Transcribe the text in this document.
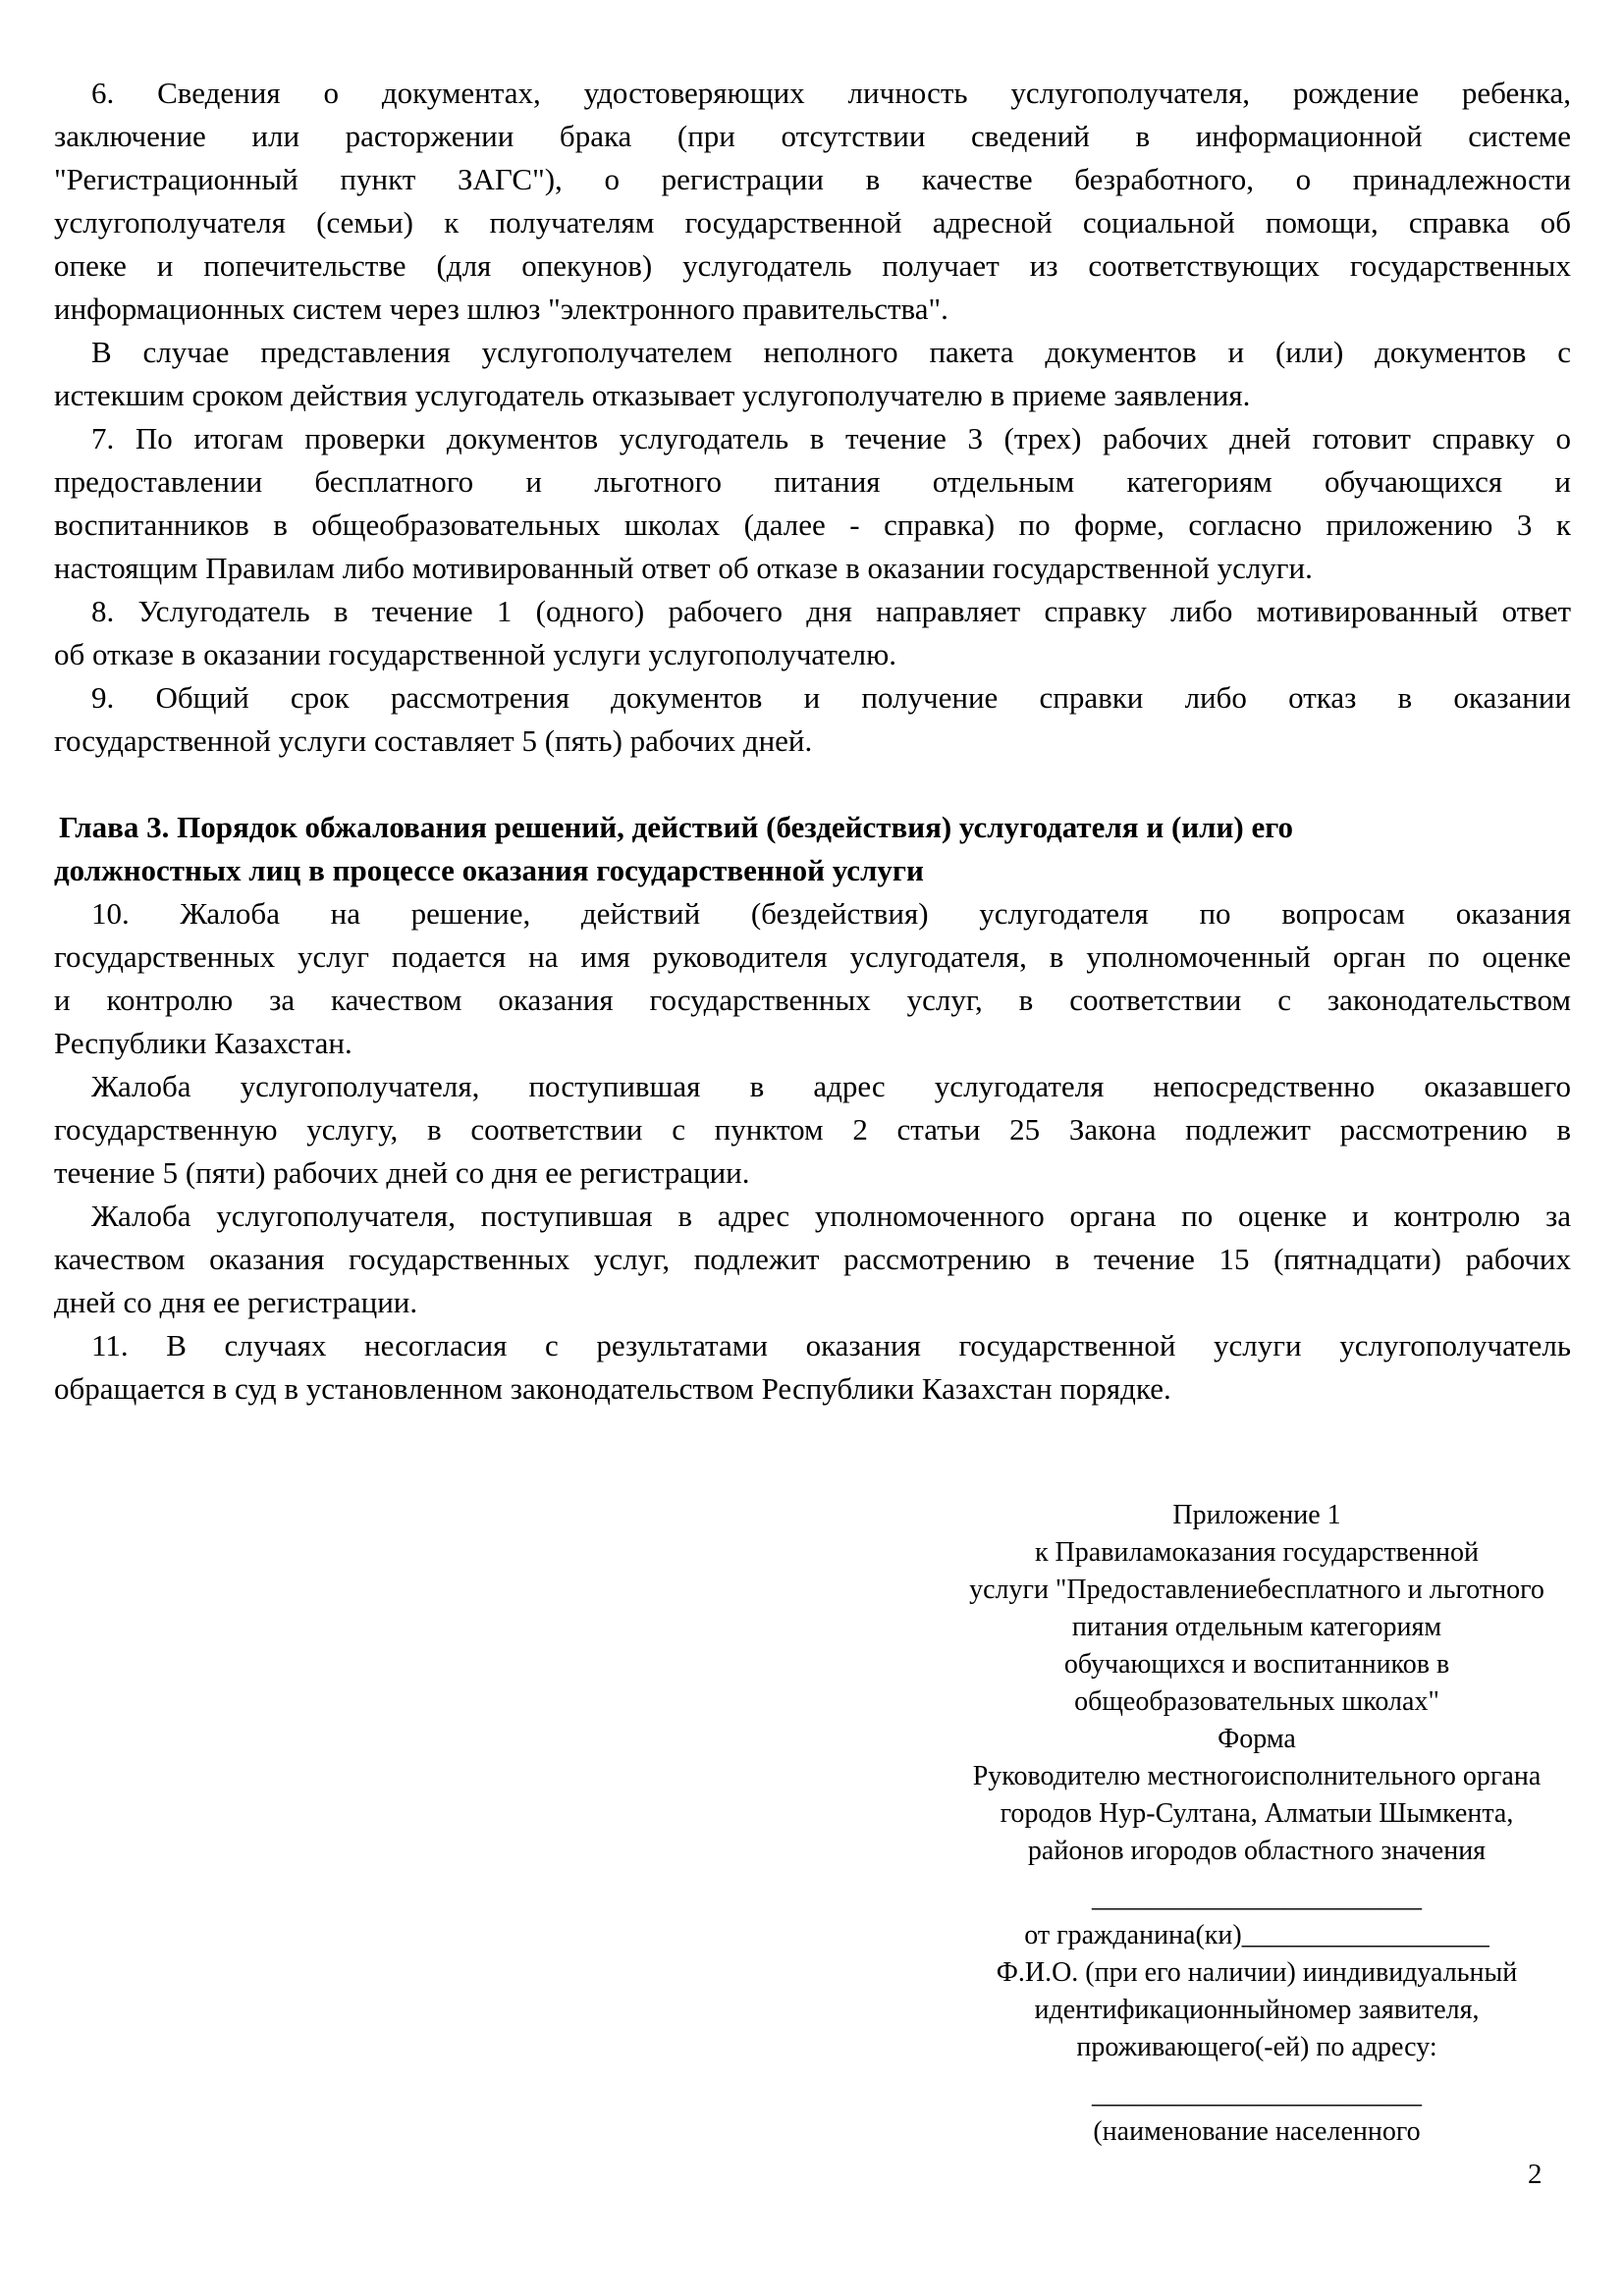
6. Сведения о документах, удостоверяющих личность услугополучателя, рождение ребенка,
заключение или расторжении брака (при отсутствии сведений в информационной системе
"Регистрационный пункт ЗАГС"), о регистрации в качестве безработного, о принадлежности
услугополучателя (семьи) к получателям государственной адресной социальной помощи, справка об
опеке и попечительстве (для опекунов) услугодатель получает из соответствующих государственных
информационных систем через шлюз "электронного правительства".
В случае представления услугополучателем неполного пакета документов и (или) документов с
истекшим сроком действия услугодатель отказывает услугополучателю в приеме заявления.
7. По итогам проверки документов услугодатель в течение 3 (трех) рабочих дней готовит справку о
предоставлении бесплатного и льготного питания отдельным категориям обучающихся и
воспитанников в общеобразовательных школах (далее - справка) по форме, согласно приложению 3 к
настоящим Правилам либо мотивированный ответ об отказе в оказании государственной услуги.
8. Услугодатель в течение 1 (одного) рабочего дня направляет справку либо мотивированный ответ
об отказе в оказании государственной услуги услугополучателю.
9. Общий срок рассмотрения документов и получение справки либо отказ в оказании
государственной услуги составляет 5 (пять) рабочих дней.
Глава 3. Порядок обжалования решений, действий (бездействия) услугодателя и (или) его
должностных лиц в процессе оказания государственной услуги
10. Жалоба на решение, действий (бездействия) услугодателя по вопросам оказания
государственных услуг подается на имя руководителя услугодателя, в уполномоченный орган по оценке
и контролю за качеством оказания государственных услуг, в соответствии с законодательством
Республики Казахстан.
Жалоба услугополучателя, поступившая в адрес услугодателя непосредственно оказавшего
государственную услугу, в соответствии с пунктом 2 статьи 25 Закона подлежит рассмотрению в
течение 5 (пяти) рабочих дней со дня ее регистрации.
Жалоба услугополучателя, поступившая в адрес уполномоченного органа по оценке и контролю за
качеством оказания государственных услуг, подлежит рассмотрению в течение 15 (пятнадцати) рабочих
дней со дня ее регистрации.
11. В случаях несогласия с результатами оказания государственной услуги услугополучатель
обращается в суд в установленном законодательством Республики Казахстан порядке.
Приложение 1
к Правиламоказания государственной
услуги "Предоставлениебесплатного и льготного
питания отдельным категориям
обучающихся и воспитанников в
общеобразовательных школах"
Форма
Руководителю местногоисполнительного органа
городов Нур-Султана, Алматыи Шымкента,
районов игородов областного значения
________________________
от гражданина(ки)__________________
Ф.И.О. (при его наличии) ииндивидуальный
идентификационныйномер заявителя,
проживающего(-ей) по адресу:
________________________
(наименование населенного
2
